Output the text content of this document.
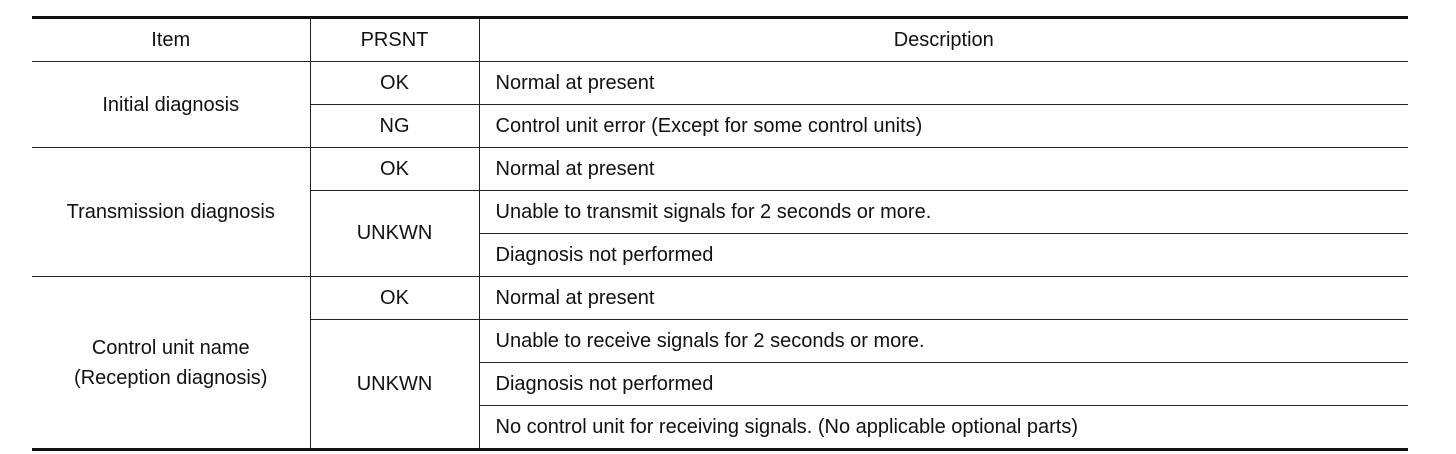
Item	PRSNT	Description
Initial diagnosis	OK	Normal at present
	NG	Control unit error (Except for some control units)
Transmission diagnosis	OK	Normal at present
	UNKWN	Unable to transmit signals for 2 seconds or more.
		Diagnosis not performed
Control unit name
(Reception diagnosis)	OK	Normal at present
	UNKWN	Unable to receive signals for 2 seconds or more.
		Diagnosis not performed
		No control unit for receiving signals. (No applicable optional parts)
